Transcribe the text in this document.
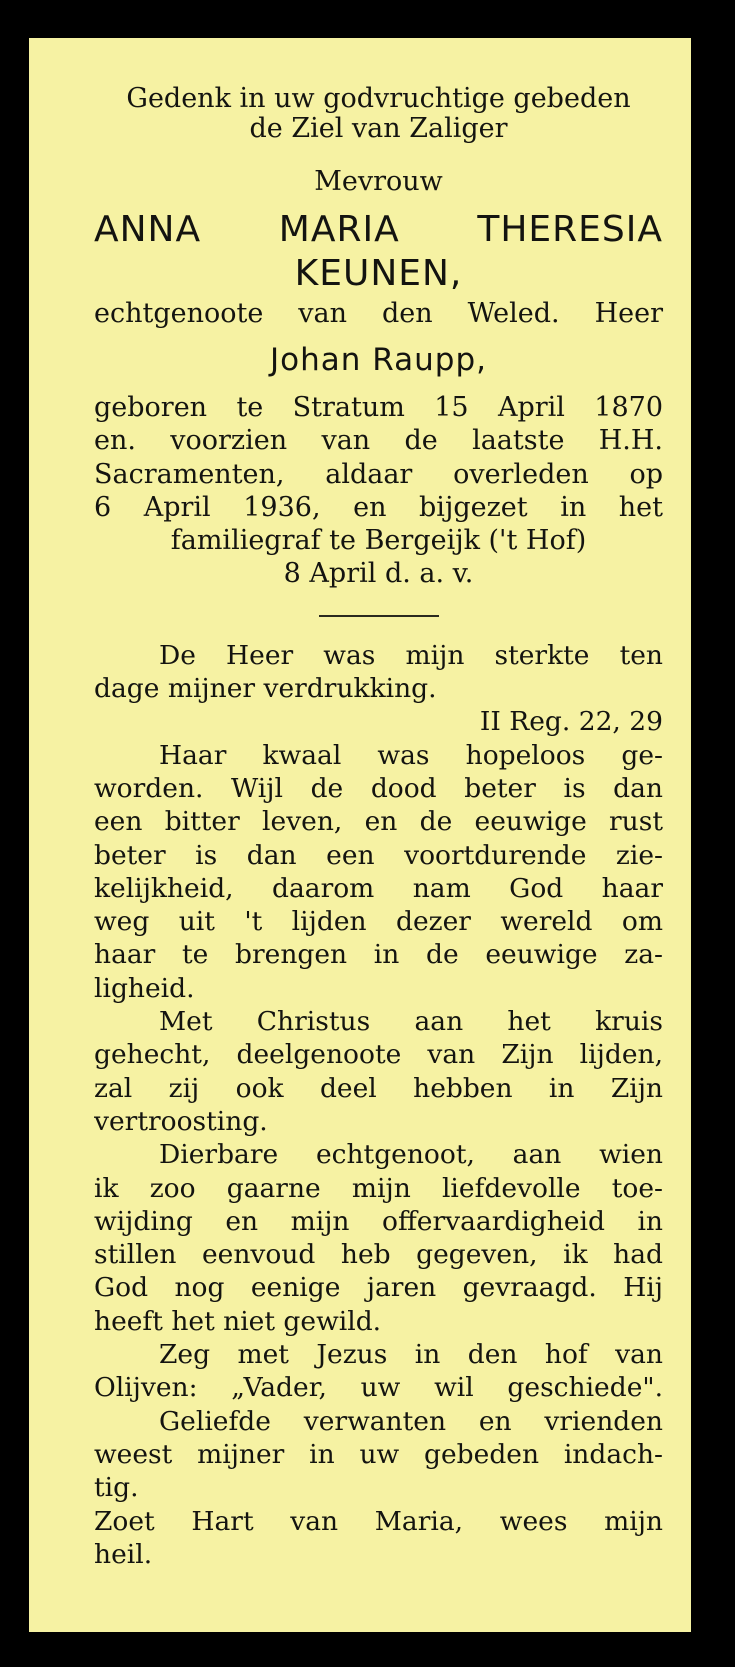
Gedenk in uw godvruchtige gebeden
de Ziel van Zaliger
Mevrouw
ANNA MARIA THERESIA
KEUNEN,
echtgenoote van den Weled. Heer
Johan Raupp,
geboren te Stratum 15 April 1870
en. voorzien van de laatste H.H.
Sacramenten, aldaar overleden op
6 April 1936, en bijgezet in het
familiegraf te Bergeijk ('t Hof)
8 April d. a. v.
De Heer was mijn sterkte ten
dage mijner verdrukking.
II Reg. 22, 29
Haar kwaal was hopeloos ge-
worden. Wijl de dood beter is dan
een bitter leven, en de eeuwige rust
beter is dan een voortdurende zie-
kelijkheid, daarom nam God haar
weg uit 't lijden dezer wereld om
haar te brengen in de eeuwige za-
ligheid.
Met Christus aan het kruis
gehecht, deelgenoote van Zijn lijden,
zal zij ook deel hebben in Zijn
vertroosting.
Dierbare echtgenoot, aan wien
ik zoo gaarne mijn liefdevolle toe-
wijding en mijn offervaardigheid in
stillen eenvoud heb gegeven, ik had
God nog eenige jaren gevraagd. Hij
heeft het niet gewild.
Zeg met Jezus in den hof van
Olijven: „Vader, uw wil geschiede".
Geliefde verwanten en vrienden
weest mijner in uw gebeden indach-
tig.
Zoet Hart van Maria, wees mijn
heil.
